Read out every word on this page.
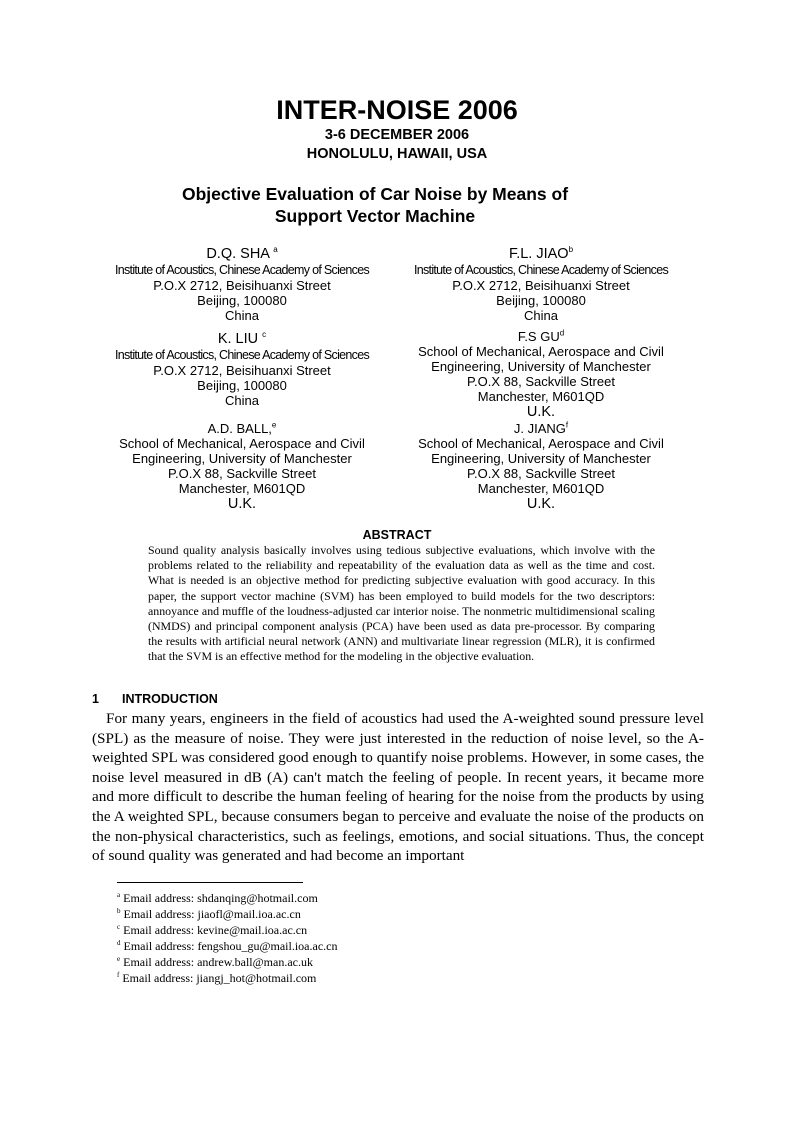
INTER-NOISE 2006
3-6 DECEMBER 2006
HONOLULU, HAWAII, USA
Objective Evaluation of Car Noise by Means of
Support Vector Machine
D.Q. SHA $^a$
Institute of Acoustics, Chinese Academy of Sciences
P.O.X 2712, Beisihuanxi Street
Beijing, 100080
China
K. LIU $^c$
Institute of Acoustics, Chinese Academy of Sciences
P.O.X 2712, Beisihuanxi Street
Beijing, 100080
China
A.D. BALL,$^e$
School of Mechanical, Aerospace and Civil
Engineering, University of Manchester
P.O.X 88, Sackville Street
Manchester, M601QD
U.K.
F.L. JIAO$^b$
Institute of Acoustics, Chinese Academy of Sciences
P.O.X 2712, Beisihuanxi Street
Beijing, 100080
China
F.S $GU^d$
School of Mechanical, Aerospace and Civil
Engineering, University of Manchester
P.O.X 88, Sackville Street
Manchester, M601QD
U.K.
J. JIANG$^f$
School of Mechanical, Aerospace and Civil
Engineering, University of Manchester
P.O.X 88, Sackville Street
Manchester, M601QD
U.K.
ABSTRACT
Sound quality analysis basically involves using tedious subjective evaluations, which involve with the problems related to the reliability and repeatability of the evaluation data as well as the time and cost. What is needed is an objective method for predicting subjective evaluation with good accuracy. In this paper, the support vector machine (SVM) has been employed to build models for the two descriptors: annoyance and muffle of the loudness-adjusted car interior noise. The nonmetric multidimensional scaling (NMDS) and principal component analysis (PCA) have been used as data pre-processor. By comparing the results with artificial neural network (ANN) and multivariate linear regression (MLR), it is confirmed that the SVM is an effective method for the modeling in the objective evaluation.
1 INTRODUCTION
For many years, engineers in the field of acoustics had used the A-weighted sound pressure level (SPL) as the measure of noise. They were just interested in the reduction of noise level, so the A-weighted SPL was considered good enough to quantify noise problems. However, in some cases, the noise level measured in dB (A) can't match the feeling of people. In recent years, it became more and more difficult to describe the human feeling of hearing for the noise from the products by using the A weighted SPL, because consumers began to perceive and evaluate the noise of the products on the non-physical characteristics, such as feelings, emotions, and social situations. Thus, the concept of sound quality was generated and had become an important
$^a$ Email address: shdanqing@hotmail.com
$^b$ Email address: jiaofl@mail.ioa.ac.cn
$^c$ Email address: kevine@mail.ioa.ac.cn
$^d$ Email address: fengshou_gu@mail.ioa.ac.cn
$^e$ Email address: andrew.ball@man.ac.uk
$^f$ Email address: jiangj_hot@hotmail.com
